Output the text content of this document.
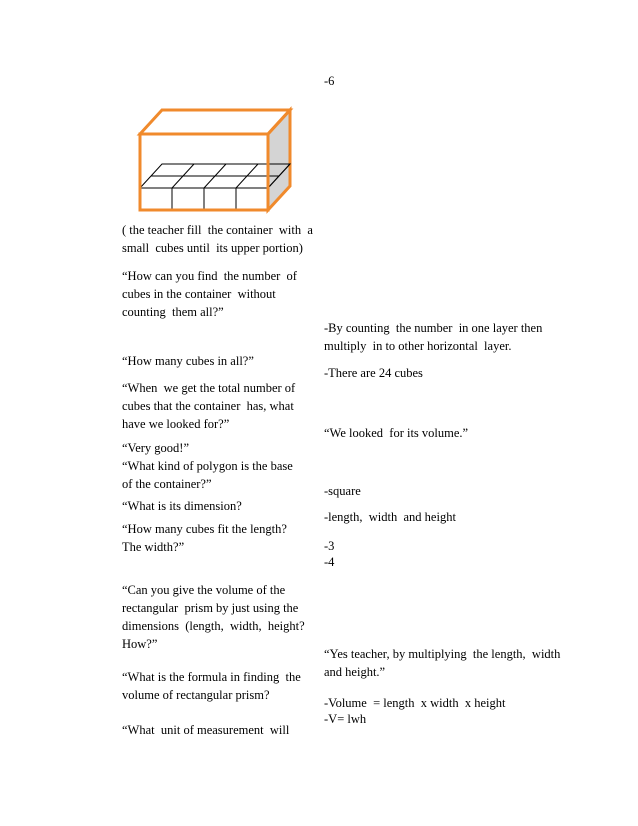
-6

( the teacher fill  the container  with  a

small  cubes until  its upper portion)

“How can you find  the number  of

cubes in the container  without

counting  them all?”

“How many cubes in all?”

“When  we get the total number of

cubes that the container  has, what

have we looked for?”

“Very good!”

“What kind of polygon is the base

of the container?”

“What is its dimension?

“How many cubes fit the length?

The width?”

“Can you give the volume of the

rectangular  prism by just using the

dimensions  (length,  width,  height?

How?”

“What is the formula in finding  the

volume of rectangular prism?

“What  unit of measurement  will

-By counting  the number  in one layer then

multiply  in to other horizontal  layer.

-There are 24 cubes

“We looked  for its volume.”

-square

-length,  width  and height

-3

-4

“Yes teacher, by multiplying  the length,  width

and height.”

-Volume  = length  x width  x height

-V= lwh
